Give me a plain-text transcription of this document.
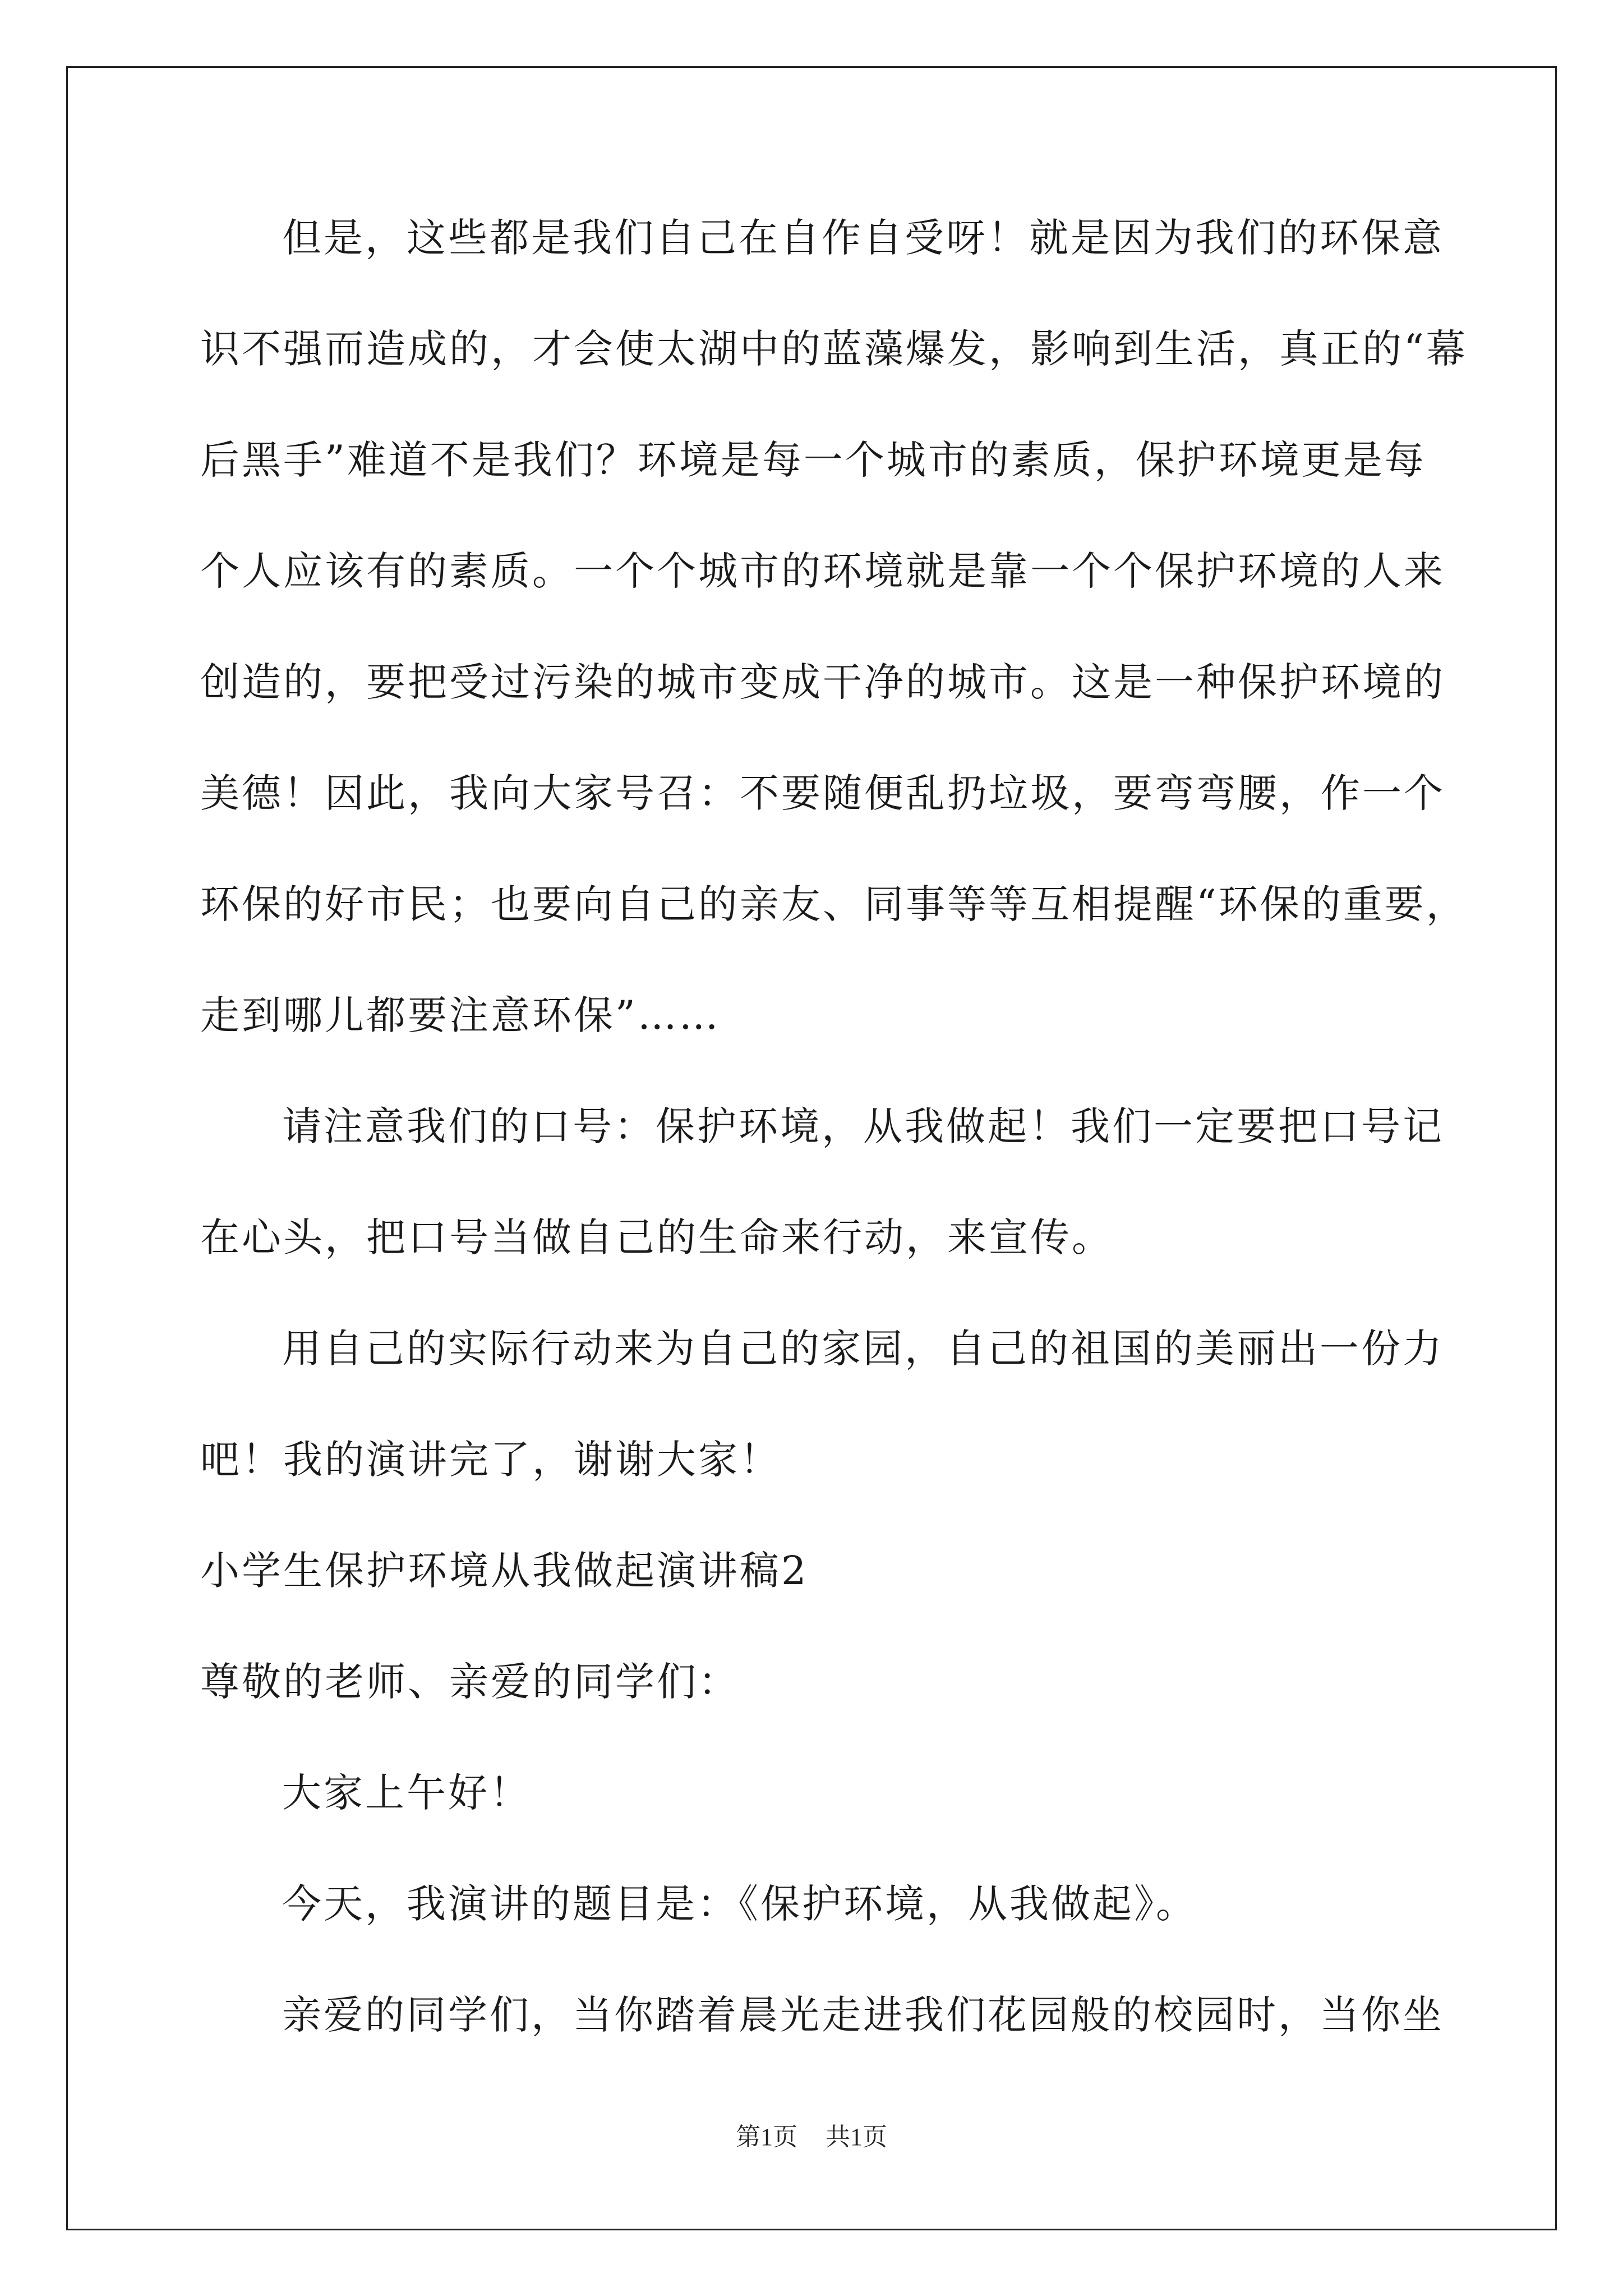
但是，这些都是我们自己在自作自受呀！就是因为我们的环保意
识不强而造成的，才会使太湖中的蓝藻爆发，影响到生活，真正的“幕
后黑手”难道不是我们？环境是每一个城市的素质，保护环境更是每
个人应该有的素质。一个个城市的环境就是靠一个个保护环境的人来
创造的，要把受过污染的城市变成干净的城市。这是一种保护环境的
美德！因此，我向大家号召：不要随便乱扔垃圾，要弯弯腰，作一个
环保的好市民；也要向自己的亲友、同事等等互相提醒“环保的重要，
走到哪儿都要注意环保”……
请注意我们的口号：保护环境，从我做起！我们一定要把口号记
在心头，把口号当做自己的生命来行动，来宣传。
用自己的实际行动来为自己的家园，自己的祖国的美丽出一份力
吧！我的演讲完了，谢谢大家！
小学生保护环境从我做起演讲稿2
尊敬的老师、亲爱的同学们：
大家上午好！
今天，我演讲的题目是：《保护环境，从我做起》。
亲爱的同学们，当你踏着晨光走进我们花园般的校园时，当你坐
第1页 共1页
